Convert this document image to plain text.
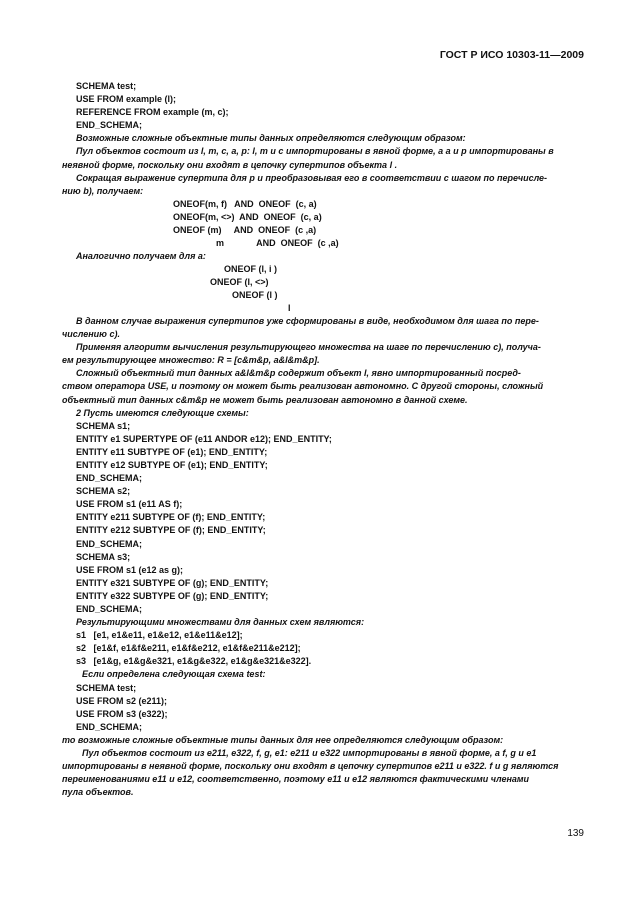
ГОСТ Р ИСО 10303-11—2009
SCHEMA test;
USE FROM example (l);
REFERENCE FROM example (m, c);
END_SCHEMA;
Возможные сложные объектные типы данных определяются следующим образом:
Пул объектов состоит из l, m, c, a, p: l, m и c импортированы в явной форме, а a и p импортированы в
неявной форме, поскольку они входят в цепочку супертипов объекта l .
Сокращая выражение супертипа для p и преобразовывая его в соответствии с шагом по перечисле-
нию b), получаем:
ONEOF(m, f)   AND  ONEOF  (c, a)
ONEOF(m, <>)  AND  ONEOF  (c, a)
ONEOF (m)     AND  ONEOF  (c ,a)
m             AND  ONEOF  (c ,a)
Аналогично получаем для a:
ONEOF (l, i )
ONEOF (l, <>)
ONEOF (l )
l
В данном случае выражения супертипов уже сформированы в виде, необходимом для шага по пере-
числению c).
Применяя алгоритм вычисления результирующего множества на шаге по перечислению c), получа-
ем результирующее множество: R = [c&m&p, a&l&m&p].
Сложный объектный тип данных a&l&m&p содержит объект l, явно импортированный посред-
ством оператора USE, и поэтому он может быть реализован автономно. С другой стороны, сложный
объектный тип данных c&m&p не может быть реализован автономно в данной схеме.
2 Пусть имеются следующие схемы:
SCHEMA s1;
ENTITY e1 SUPERTYPE OF (e11 ANDOR e12); END_ENTITY;
ENTITY e11 SUBTYPE OF (e1); END_ENTITY;
ENTITY e12 SUBTYPE OF (e1); END_ENTITY;
END_SCHEMA;
SCHEMA s2;
USE FROM s1 (e11 AS f);
ENTITY e211 SUBTYPE OF (f); END_ENTITY;
ENTITY e212 SUBTYPE OF (f); END_ENTITY;
END_SCHEMA;
SCHEMA s3;
USE FROM s1 (e12 as g);
ENTITY e321 SUBTYPE OF (g); END_ENTITY;
ENTITY e322 SUBTYPE OF (g); END_ENTITY;
END_SCHEMA;
Результирующими множествами для данных схем являются:
s1   [e1, e1&e11, e1&e12, e1&e11&e12];
s2   [e1&f, e1&f&e211, e1&f&e212, e1&f&e211&e212];
s3   [e1&g, e1&g&e321, e1&g&e322, e1&g&e321&e322].
Если определена следующая схема test:
SCHEMA test;
USE FROM s2 (e211);
USE FROM s3 (e322);
END_SCHEMA;
то возможные сложные объектные типы данных для нее определяются следующим образом:
Пул объектов состоит из e211, e322, f, g, e1: e211 и e322 импортированы в явной форме, a f, g и e1
импортированы в неявной форме, поскольку они входят в цепочку супертипов e211 и e322. f и g являются
переименованиями e11 и e12, соответственно, поэтому e11 и e12 являются фактическими членами
пула объектов.
139
